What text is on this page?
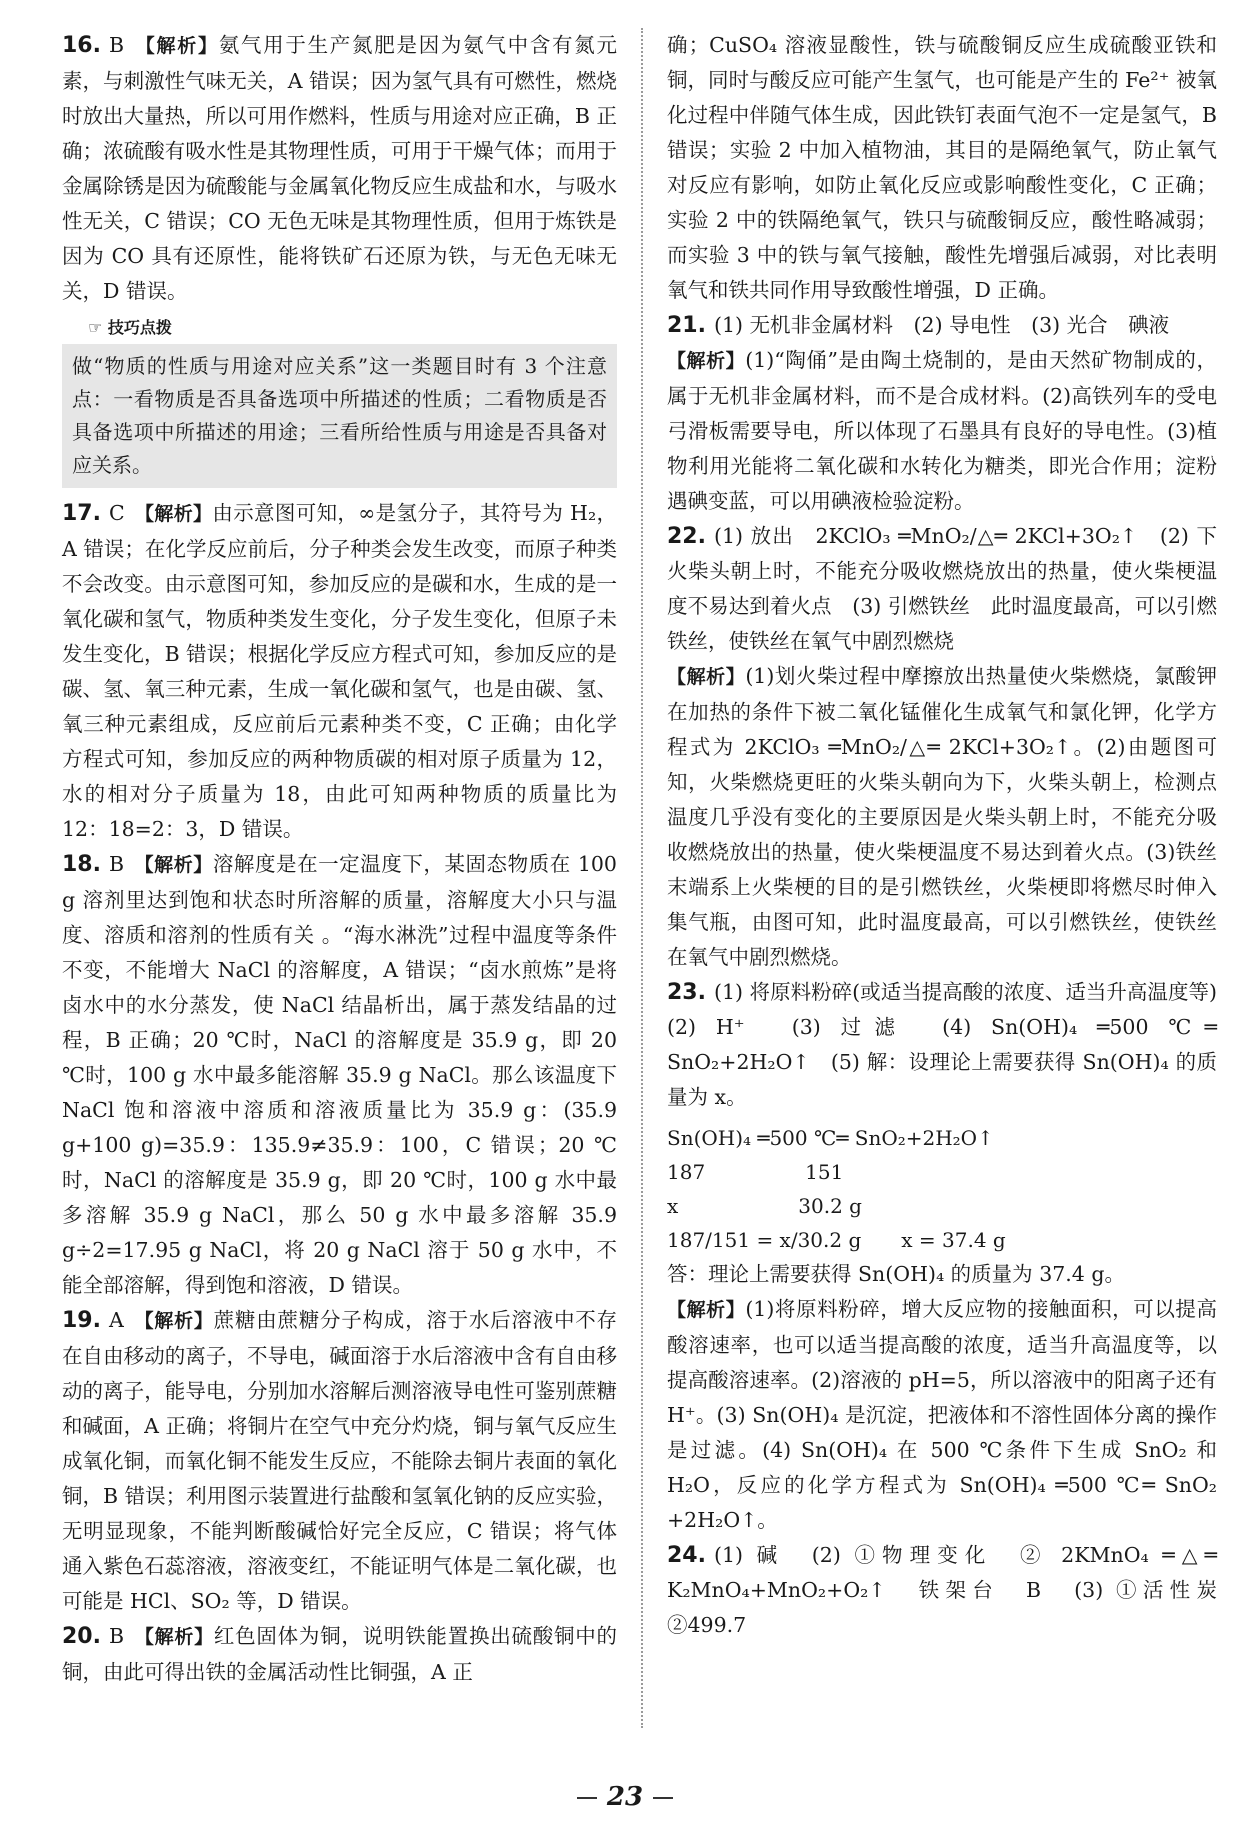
16. B 【解析】氨气用于生产氮肥是因为氨气中含有氮元素，与刺激性气味无关，A 错误；因为氢气具有可燃性，燃烧时放出大量热，所以可用作燃料，性质与用途对应正确，B 正确；浓硫酸有吸水性是其物理性质，可用于干燥气体；而用于金属除锈是因为硫酸能与金属氧化物反应生成盐和水，与吸水性无关，C 错误；CO 无色无味是其物理性质，但用于炼铁是因为 CO 具有还原性，能将铁矿石还原为铁，与无色无味无关，D 错误。
☞ 技巧点拨
做“物质的性质与用途对应关系”这一类题目时有 3 个注意点：一看物质是否具备选项中所描述的性质；二看物质是否具备选项中所描述的用途；三看所给性质与用途是否具备对应关系。
17. C 【解析】由示意图可知，∞是氢分子，其符号为 H₂，A 错误；在化学反应前后，分子种类会发生改变，而原子种类不会改变。由示意图可知，参加反应的是碳和水，生成的是一氧化碳和氢气，物质种类发生变化，分子发生变化，但原子未发生变化，B 错误；根据化学反应方程式可知，参加反应的是碳、氢、氧三种元素，生成一氧化碳和氢气，也是由碳、氢、氧三种元素组成，反应前后元素种类不变，C 正确；由化学方程式可知，参加反应的两种物质碳的相对原子质量为 12，水的相对分子质量为 18，由此可知两种物质的质量比为 12：18=2：3，D 错误。
18. B 【解析】溶解度是在一定温度下，某固态物质在 100 g 溶剂里达到饱和状态时所溶解的质量，溶解度大小只与温度、溶质和溶剂的性质有关 。“海水淋洗”过程中温度等条件不变，不能增大 NaCl 的溶解度，A 错误；“卤水煎炼”是将卤水中的水分蒸发，使 NaCl 结晶析出，属于蒸发结晶的过程，B 正确；20 ℃时，NaCl 的溶解度是 35.9 g，即 20 ℃时，100 g 水中最多能溶解 35.9 g NaCl。那么该温度下 NaCl 饱和溶液中溶质和溶液质量比为 35.9 g：(35.9 g+100 g)=35.9：135.9≠35.9：100，C 错误；20 ℃时，NaCl 的溶解度是 35.9 g，即 20 ℃时，100 g 水中最多溶解 35.9 g NaCl，那么 50 g 水中最多溶解 35.9 g÷2=17.95 g NaCl，将 20 g NaCl 溶于 50 g 水中，不能全部溶解，得到饱和溶液，D 错误。
19. A 【解析】蔗糖由蔗糖分子构成，溶于水后溶液中不存在自由移动的离子，不导电，碱面溶于水后溶液中含有自由移动的离子，能导电，分别加水溶解后测溶液导电性可鉴别蔗糖和碱面，A 正确；将铜片在空气中充分灼烧，铜与氧气反应生成氧化铜，而氧化铜不能发生反应，不能除去铜片表面的氧化铜，B 错误；利用图示装置进行盐酸和氢氧化钠的反应实验，无明显现象，不能判断酸碱恰好完全反应，C 错误；将气体通入紫色石蕊溶液，溶液变红，不能证明气体是二氧化碳，也可能是 HCl、SO₂ 等，D 错误。
20. B 【解析】红色固体为铜，说明铁能置换出硫酸铜中的铜，由此可得出铁的金属活动性比铜强，A 正

确；CuSO₄ 溶液显酸性，铁与硫酸铜反应生成硫酸亚铁和铜，同时与酸反应可能产生氢气，也可能是产生的 Fe²⁺ 被氧化过程中伴随气体生成，因此铁钉表面气泡不一定是氢气，B 错误；实验 2 中加入植物油，其目的是隔绝氧气，防止氧气对反应有影响，如防止氧化反应或影响酸性变化，C 正确；实验 2 中的铁隔绝氧气，铁只与硫酸铜反应，酸性略减弱；而实验 3 中的铁与氧气接触，酸性先增强后减弱，对比表明氧气和铁共同作用导致酸性增强，D 正确。

21. (1) 无机非金属材料　(2) 导电性　(3) 光合　碘液

【解析】(1)“陶俑”是由陶土烧制的，是由天然矿物制成的，属于无机非金属材料，而不是合成材料。(2)高铁列车的受电弓滑板需要导电，所以体现了石墨具有良好的导电性。(3)植物利用光能将二氧化碳和水转化为糖类，即光合作用；淀粉遇碘变蓝，可以用碘液检验淀粉。

22. (1) 放出　2KClO₃ ═MnO₂/△═ 2KCl+3O₂↑　(2) 下　火柴头朝上时，不能充分吸收燃烧放出的热量，使火柴梗温度不易达到着火点　(3) 引燃铁丝　此时温度最高，可以引燃铁丝，使铁丝在氧气中剧烈燃烧

【解析】(1)划火柴过程中摩擦放出热量使火柴燃烧，氯酸钾在加热的条件下被二氧化锰催化生成氧气和氯化钾，化学方程式为 2KClO₃ ═MnO₂/△═ 2KCl+3O₂↑。(2)由题图可知，火柴燃烧更旺的火柴头朝向为下，火柴头朝上，检测点温度几乎没有变化的主要原因是火柴头朝上时，不能充分吸收燃烧放出的热量，使火柴梗温度不易达到着火点。(3)铁丝末端系上火柴梗的目的是引燃铁丝，火柴梗即将燃尽时伸入集气瓶，由图可知，此时温度最高，可以引燃铁丝，使铁丝在氧气中剧烈燃烧。

23. (1) 将原料粉碎(或适当提高酸的浓度、适当升高温度等)　(2) H⁺　(3) 过滤　(4) Sn(OH)₄ ═500 ℃═ SnO₂+2H₂O↑　(5) 解：设理论上需要获得 Sn(OH)₄ 的质量为 x。
Sn(OH)₄ ═500 ℃═ SnO₂+2H₂O↑
187　　　　　151
x　　　　　　30.2 g
187/151 = x/30.2 g　　x = 37.4 g

答：理论上需要获得 Sn(OH)₄ 的质量为 37.4 g。

【解析】(1)将原料粉碎，增大反应物的接触面积，可以提高酸溶速率，也可以适当提高酸的浓度，适当升高温度等，以提高酸溶速率。(2)溶液的 pH=5，所以溶液中的阳离子还有 H⁺。(3) Sn(OH)₄ 是沉淀，把液体和不溶性固体分离的操作是过滤。(4) Sn(OH)₄ 在 500 ℃条件下生成 SnO₂ 和 H₂O，反应的化学方程式为 Sn(OH)₄ ═500 ℃═ SnO₂ +2H₂O↑。

24. (1) 碱　(2) ①物理变化　② 2KMnO₄ ═△═ K₂MnO₄+MnO₂+O₂↑　铁架台　B　(3) ①活性炭　②499.7
23
